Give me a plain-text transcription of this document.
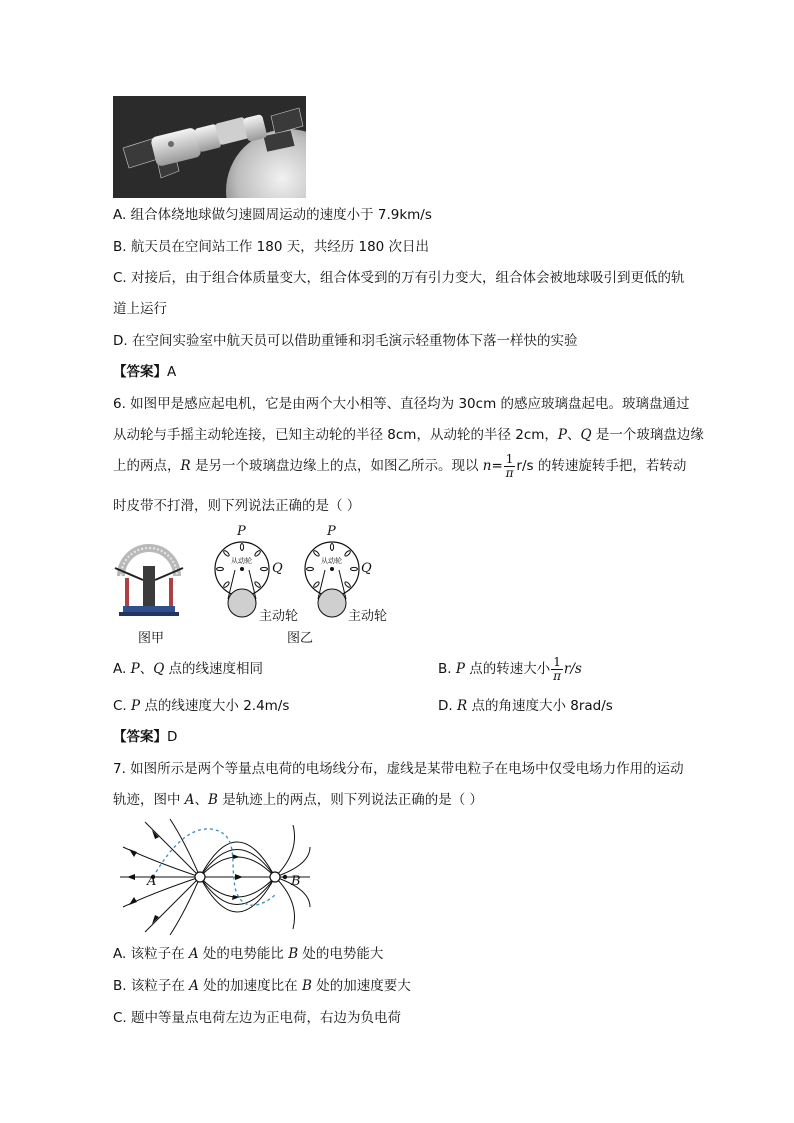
A. 组合体绕地球做匀速圆周运动的速度小于 7.9km/s
B. 航天员在空间站工作 180 天，共经历 180 次日出
C. 对接后，由于组合体质量变大，组合体受到的万有引力变大，组合体会被地球吸引到更低的轨
道上运行
D. 在空间实验室中航天员可以借助重锤和羽毛演示轻重物体下落一样快的实验
【答案】A
6. 如图甲是感应起电机，它是由两个大小相等、直径均为 30cm 的感应玻璃盘起电。玻璃盘通过
从动轮与手摇主动轮连接，已知主动轮的半径 8cm，从动轮的半径 2cm，P、Q 是一个玻璃盘边缘
上的两点，R 是另一个玻璃盘边缘上的点，如图乙所示。现以 $n= \frac{1}{\pi} r/s$ 的转速旋转手把，若转动
时皮带不打滑，则下列说法正确的是（ ）
P	P
Q	Q
从动轮	从动轮
主动轮	主动轮
图甲	图乙
A. P、Q 点的线速度相同	B. P 点的转速大小 $\frac{1}{\pi} r/s$
C. P 点的线速度大小 2.4m/s	D. R 点的角速度大小 8rad/s
【答案】D
7. 如图所示是两个等量点电荷的电场线分布，虚线是某带电粒子在电场中仅受电场力作用的运动
轨迹，图中 A、B 是轨迹上的两点，则下列说法正确的是（ ）
A	B
A. 该粒子在 A 处的电势能比 B 处的电势能大
B. 该粒子在 A 处的加速度比在 B 处的加速度要大
C. 题中等量点电荷左边为正电荷，右边为负电荷
